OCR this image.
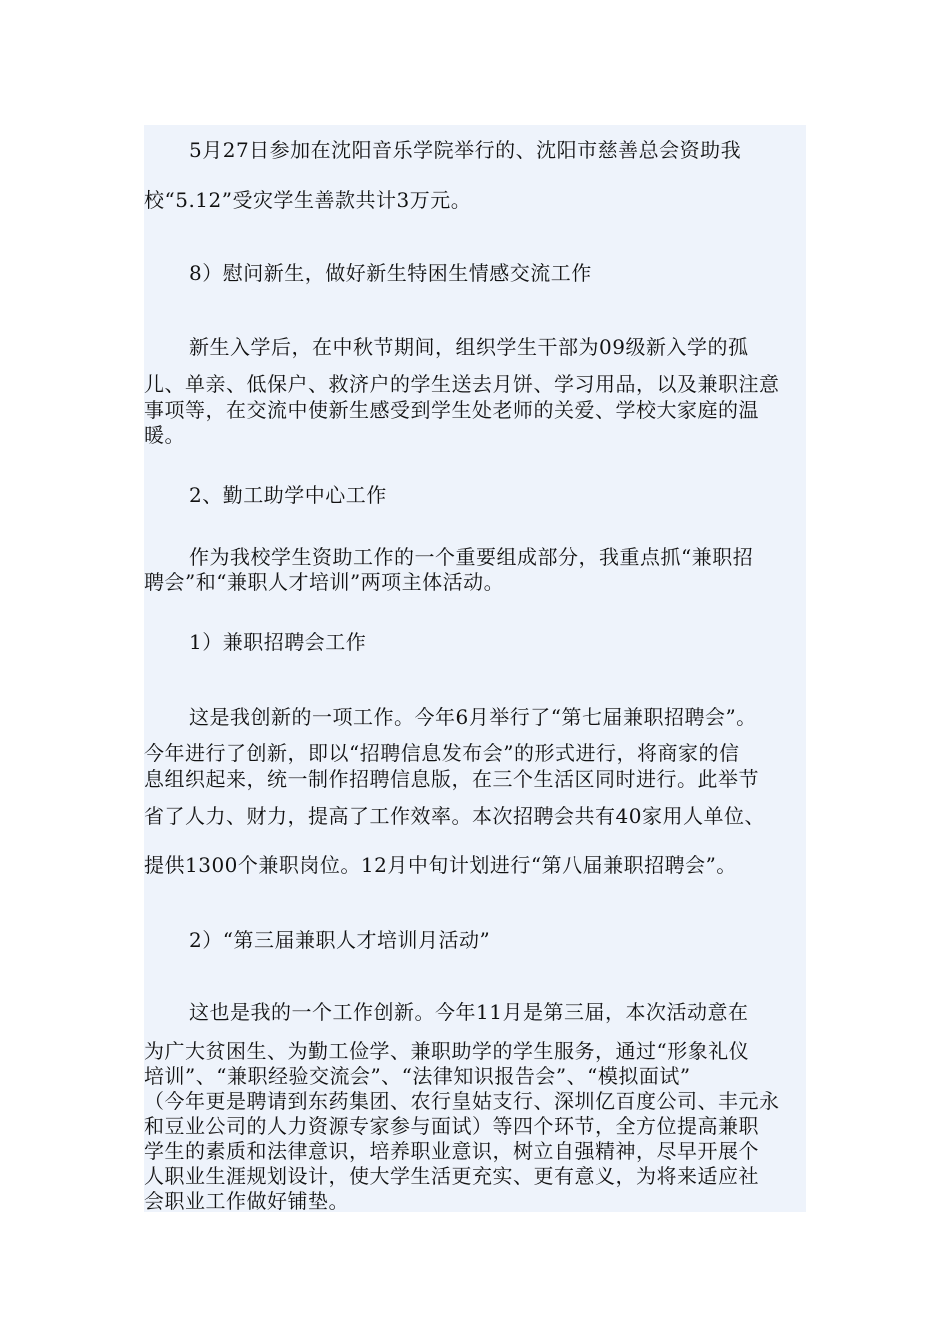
5月27日参加在沈阳音乐学院举行的、沈阳市慈善总会资助我
校“5.12”受灾学生善款共计3万元。
8）慰问新生，做好新生特困生情感交流工作
新生入学后，在中秋节期间，组织学生干部为09级新入学的孤
儿、单亲、低保户、救济户的学生送去月饼、学习用品，以及兼职注意
事项等，在交流中使新生感受到学生处老师的关爱、学校大家庭的温
暖。
2、勤工助学中心工作
作为我校学生资助工作的一个重要组成部分，我重点抓“兼职招
聘会”和“兼职人才培训”两项主体活动。
1）兼职招聘会工作
这是我创新的一项工作。今年6月举行了“第七届兼职招聘会”。
今年进行了创新，即以“招聘信息发布会”的形式进行，将商家的信
息组织起来，统一制作招聘信息版，在三个生活区同时进行。此举节
省了人力、财力，提高了工作效率。本次招聘会共有40家用人单位、
提供1300个兼职岗位。12月中旬计划进行“第八届兼职招聘会”。
2）“第三届兼职人才培训月活动”
这也是我的一个工作创新。今年11月是第三届，本次活动意在
为广大贫困生、为勤工俭学、兼职助学的学生服务，通过“形象礼仪
培训”、“兼职经验交流会”、“法律知识报告会”、“模拟面试”
（今年更是聘请到东药集团、农行皇姑支行、深圳亿百度公司、丰元永
和豆业公司的人力资源专家参与面试）等四个环节，全方位提高兼职
学生的素质和法律意识，培养职业意识，树立自强精神，尽早开展个
人职业生涯规划设计，使大学生活更充实、更有意义，为将来适应社
会职业工作做好铺垫。
